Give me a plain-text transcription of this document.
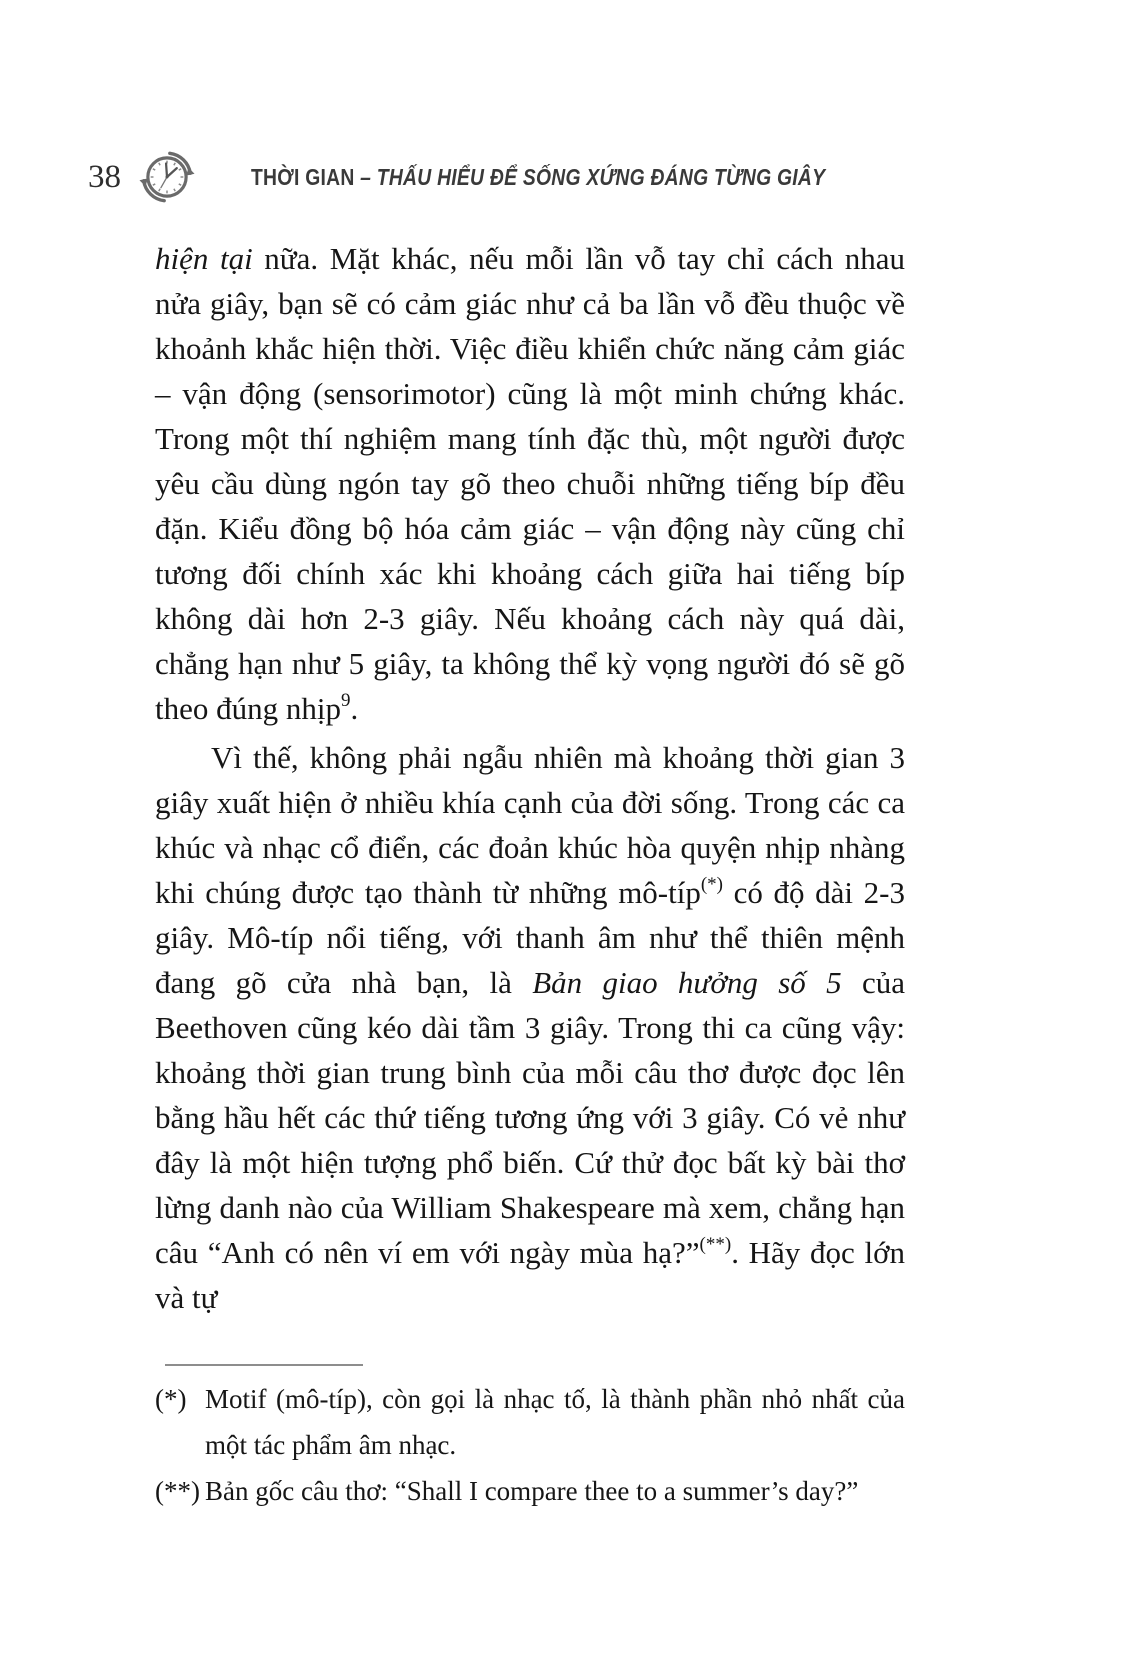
38	THỜI GIAN – THẤU HIỂU ĐỂ SỐNG XỨNG ĐÁNG TỪNG GIÂY

hiện tại nữa. Mặt khác, nếu mỗi lần vỗ tay chỉ cách nhau nửa giây, bạn sẽ có cảm giác như cả ba lần vỗ đều thuộc về khoảnh khắc hiện thời. Việc điều khiển chức năng cảm giác – vận động (sensorimotor) cũng là một minh chứng khác. Trong một thí nghiệm mang tính đặc thù, một người được yêu cầu dùng ngón tay gõ theo chuỗi những tiếng bíp đều đặn. Kiểu đồng bộ hóa cảm giác – vận động này cũng chỉ tương đối chính xác khi khoảng cách giữa hai tiếng bíp không dài hơn 2-3 giây. Nếu khoảng cách này quá dài, chẳng hạn như 5 giây, ta không thể kỳ vọng người đó sẽ gõ theo đúng nhịp$^9$.

Vì thế, không phải ngẫu nhiên mà khoảng thời gian 3 giây xuất hiện ở nhiều khía cạnh của đời sống. Trong các ca khúc và nhạc cổ điển, các đoản khúc hòa quyện nhịp nhàng khi chúng được tạo thành từ những mô-típ(*) có độ dài 2-3 giây. Mô-típ nổi tiếng, với thanh âm như thể thiên mệnh đang gõ cửa nhà bạn, là Bản giao hưởng số 5 của Beethoven cũng kéo dài tầm 3 giây. Trong thi ca cũng vậy: khoảng thời gian trung bình của mỗi câu thơ được đọc lên bằng hầu hết các thứ tiếng tương ứng với 3 giây. Có vẻ như đây là một hiện tượng phổ biến. Cứ thử đọc bất kỳ bài thơ lừng danh nào của William Shakespeare mà xem, chẳng hạn câu “Anh có nên ví em với ngày mùa hạ?”(**). Hãy đọc lớn và tự

(*) Motif (mô-típ), còn gọi là nhạc tố, là thành phần nhỏ nhất của một tác phẩm âm nhạc.
(**) Bản gốc câu thơ: “Shall I compare thee to a summer’s day?”
